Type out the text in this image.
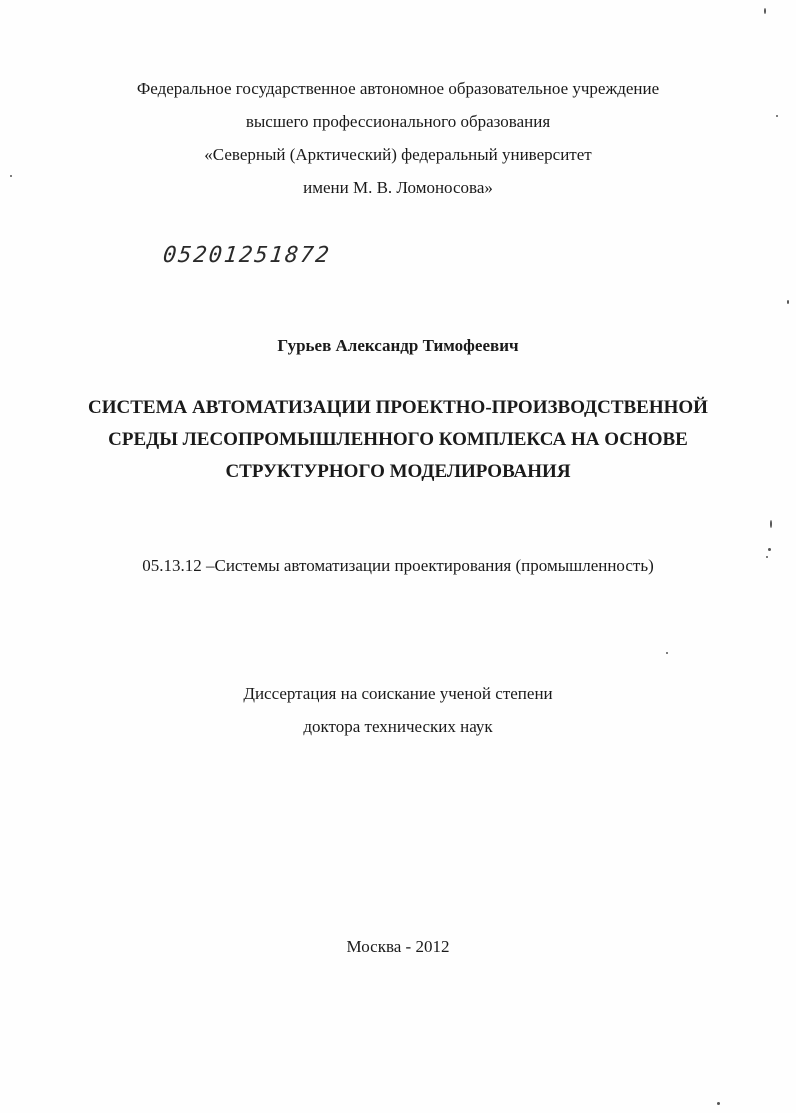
Федеральное государственное автономное образовательное учреждение
высшего профессионального образования
«Северный (Арктический) федеральный университет
имени М. В. Ломоносова»
05201251872
Гурьев Александр Тимофеевич
СИСТЕМА АВТОМАТИЗАЦИИ ПРОЕКТНО-ПРОИЗВОДСТВЕННОЙ
СРЕДЫ ЛЕСОПРОМЫШЛЕННОГО КОМПЛЕКСА НА ОСНОВЕ
СТРУКТУРНОГО МОДЕЛИРОВАНИЯ
05.13.12 –Системы автоматизации проектирования (промышленность)
Диссертация на соискание ученой степени
доктора технических наук
Москва - 2012
